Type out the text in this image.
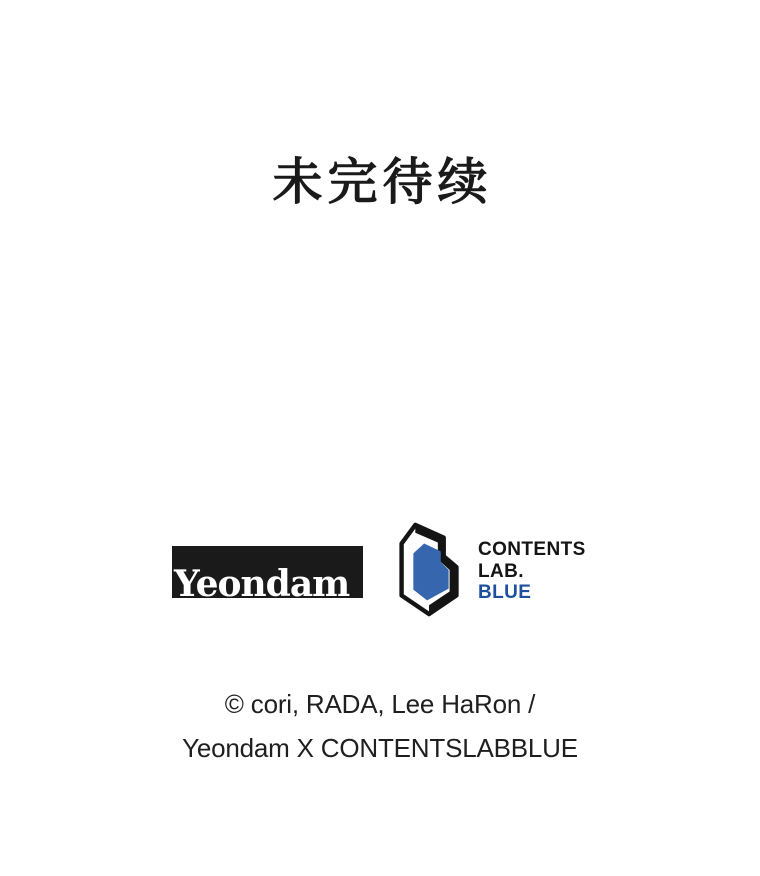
未完待续
Yeondam
CONTENTS
LAB.
BLUE
© cori, RADA, Lee HaRon /
Yeondam X CONTENTSLABBLUE
